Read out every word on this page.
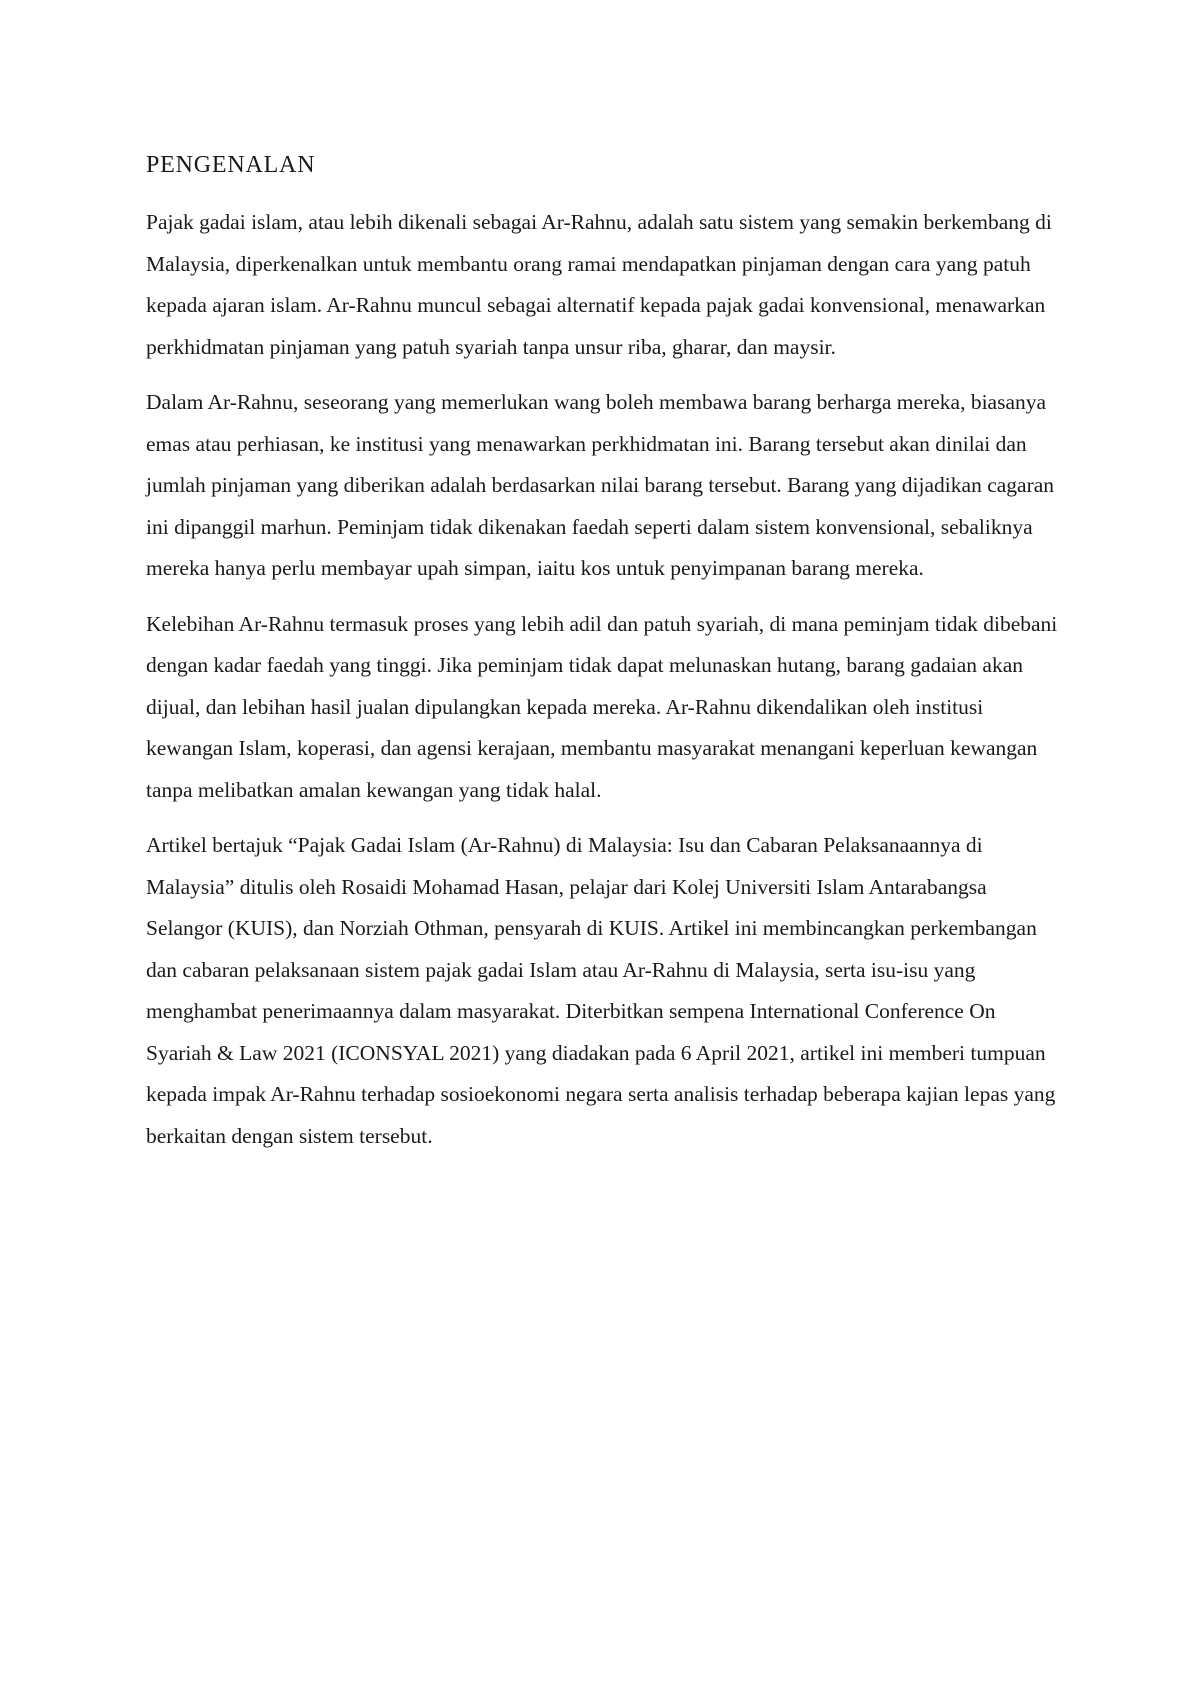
PENGENALAN

Pajak gadai islam, atau lebih dikenali sebagai Ar-Rahnu, adalah satu sistem yang semakin berkembang di Malaysia, diperkenalkan untuk membantu orang ramai mendapatkan pinjaman dengan cara yang patuh kepada ajaran islam. Ar-Rahnu muncul sebagai alternatif kepada pajak gadai konvensional, menawarkan perkhidmatan pinjaman yang patuh syariah tanpa unsur riba, gharar, dan maysir.

Dalam Ar-Rahnu, seseorang yang memerlukan wang boleh membawa barang berharga mereka, biasanya emas atau perhiasan, ke institusi yang menawarkan perkhidmatan ini. Barang tersebut akan dinilai dan jumlah pinjaman yang diberikan adalah berdasarkan nilai barang tersebut. Barang yang dijadikan cagaran ini dipanggil marhun. Peminjam tidak dikenakan faedah seperti dalam sistem konvensional, sebaliknya mereka hanya perlu membayar upah simpan, iaitu kos untuk penyimpanan barang mereka.

Kelebihan Ar-Rahnu termasuk proses yang lebih adil dan patuh syariah, di mana peminjam tidak dibebani dengan kadar faedah yang tinggi. Jika peminjam tidak dapat melunaskan hutang, barang gadaian akan dijual, dan lebihan hasil jualan dipulangkan kepada mereka. Ar-Rahnu dikendalikan oleh institusi kewangan Islam, koperasi, dan agensi kerajaan, membantu masyarakat menangani keperluan kewangan tanpa melibatkan amalan kewangan yang tidak halal.

Artikel bertajuk “Pajak Gadai Islam (Ar-Rahnu) di Malaysia: Isu dan Cabaran Pelaksanaannya di Malaysia” ditulis oleh Rosaidi Mohamad Hasan, pelajar dari Kolej Universiti Islam Antarabangsa Selangor (KUIS), dan Norziah Othman, pensyarah di KUIS. Artikel ini membincangkan perkembangan dan cabaran pelaksanaan sistem pajak gadai Islam atau Ar-Rahnu di Malaysia, serta isu-isu yang menghambat penerimaannya dalam masyarakat. Diterbitkan sempena International Conference On Syariah & Law 2021 (ICONSYAL 2021) yang diadakan pada 6 April 2021, artikel ini memberi tumpuan kepada impak Ar-Rahnu terhadap sosioekonomi negara serta analisis terhadap beberapa kajian lepas yang berkaitan dengan sistem tersebut.
